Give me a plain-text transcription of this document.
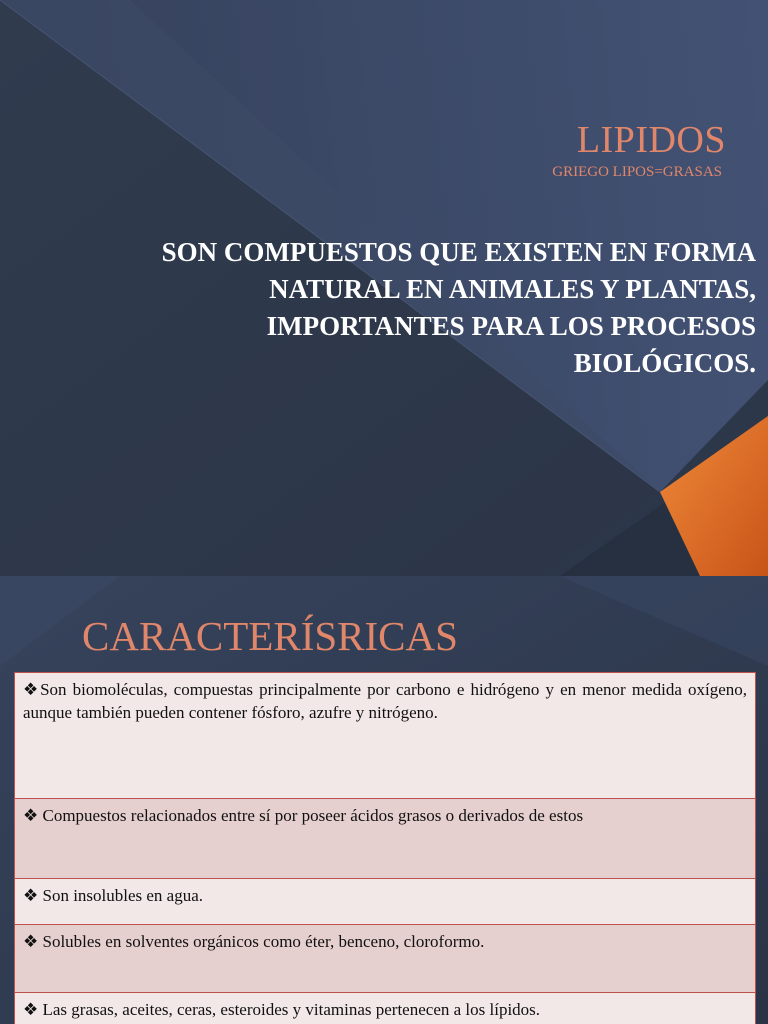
LIPIDOS
GRIEGO LIPOS=GRASAS
SON COMPUESTOS QUE EXISTEN EN FORMA NATURAL EN ANIMALES Y PLANTAS, IMPORTANTES PARA LOS PROCESOS BIOLÓGICOS.
CARACTERÍSRICAS
❖Son biomoléculas, compuestas principalmente por carbono e hidrógeno y en menor medida oxígeno, aunque también pueden contener fósforo, azufre y nitrógeno.
❖ Compuestos relacionados entre sí por poseer ácidos grasos o derivados de estos
❖ Son insolubles en agua.
❖ Solubles en solventes orgánicos como éter, benceno, cloroformo.
❖ Las grasas, aceites, ceras, esteroides y vitaminas pertenecen a los lípidos.
